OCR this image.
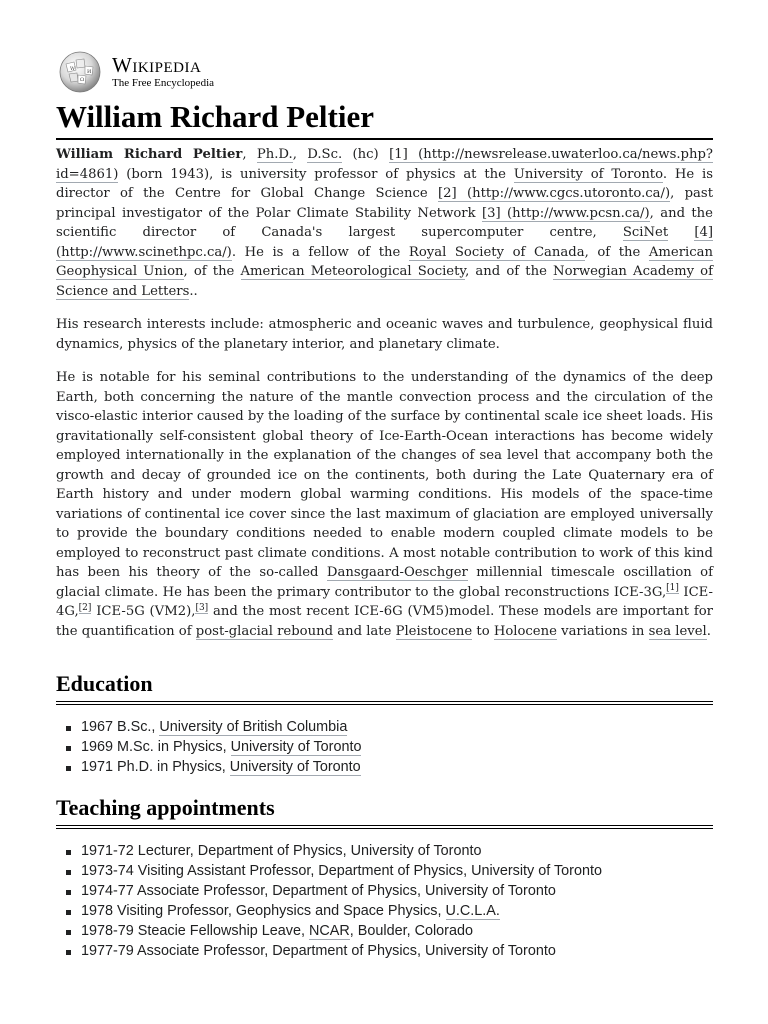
W И
Ω
Wikipedia
The Free Encyclopedia
William Richard Peltier

William Richard Peltier, Ph.D., D.Sc. (hc) [1] (http://newsrelease.uwaterloo.ca/news.php?id=4861) (born 1943), is university professor of physics at the University of Toronto. He is director of the Centre for Global Change Science [2] (http://www.cgcs.utoronto.ca/), past principal investigator of the Polar Climate Stability Network [3] (http://www.pcsn.ca/), and the scientific director of Canada's largest supercomputer centre, SciNet [4] (http://www.scinethpc.ca/). He is a fellow of the Royal Society of Canada, of the American Geophysical Union, of the American Meteorological Society, and of the Norwegian Academy of Science and Letters..

His research interests include: atmospheric and oceanic waves and turbulence, geophysical fluid dynamics, physics of the planetary interior, and planetary climate.

He is notable for his seminal contributions to the understanding of the dynamics of the deep Earth, both concerning the nature of the mantle convection process and the circulation of the visco-elastic interior caused by the loading of the surface by continental scale ice sheet loads. His gravitationally self-consistent global theory of Ice-Earth-Ocean interactions has become widely employed internationally in the explanation of the changes of sea level that accompany both the growth and decay of grounded ice on the continents, both during the Late Quaternary era of Earth history and under modern global warming conditions. His models of the space-time variations of continental ice cover since the last maximum of glaciation are employed universally to provide the boundary conditions needed to enable modern coupled climate models to be employed to reconstruct past climate conditions. A most notable contribution to work of this kind has been his theory of the so-called Dansgaard-Oeschger millennial timescale oscillation of glacial climate. He has been the primary contributor to the global reconstructions ICE-3G,[1] ICE-4G,[2] ICE-5G (VM2),[3] and the most recent ICE-6G (VM5)model. These models are important for the quantification of post-glacial rebound and late Pleistocene to Holocene variations in sea level.

Education
1967 B.Sc., University of British Columbia
1969 M.Sc. in Physics, University of Toronto
1971 Ph.D. in Physics, University of Toronto
Teaching appointments
1971-72 Lecturer, Department of Physics, University of Toronto
1973-74 Visiting Assistant Professor, Department of Physics, University of Toronto
1974-77 Associate Professor, Department of Physics, University of Toronto
1978 Visiting Professor, Geophysics and Space Physics, U.C.L.A.
1978-79 Steacie Fellowship Leave, NCAR, Boulder, Colorado
1977-79 Associate Professor, Department of Physics, University of Toronto
